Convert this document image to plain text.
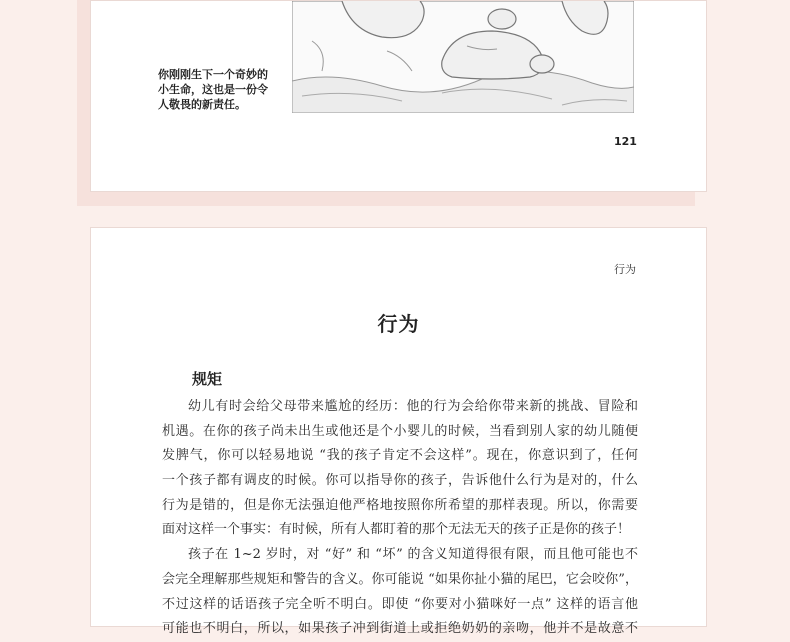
你刚刚生下一个奇妙的
小生命，这也是一份令
人敬畏的新责任。
121
行为
行为
规矩
幼儿有时会给父母带来尴尬的经历：他的行为会给你带来新的挑战、冒险和
机遇。在你的孩子尚未出生或他还是个小婴儿的时候，当看到别人家的幼儿随便
发脾气，你可以轻易地说 “我的孩子肯定不会这样”。现在，你意识到了，任何
一个孩子都有调皮的时候。你可以指导你的孩子，告诉他什么行为是对的，什么
行为是错的，但是你无法强迫他严格地按照你所希望的那样表现。所以，你需要
面对这样一个事实：有时候，所有人都盯着的那个无法无天的孩子正是你的孩子！
孩子在 1~2 岁时，对 “好” 和 “坏” 的含义知道得很有限，而且他可能也不
会完全理解那些规矩和警告的含义。你可能说 “如果你扯小猫的尾巴，它会咬你”，
不过这样的话语孩子完全听不明白。即使 “你要对小猫咪好一点” 这样的语言他
可能也不明白，所以，如果孩子冲到街道上或拒绝奶奶的亲吻，他并不是故意不
